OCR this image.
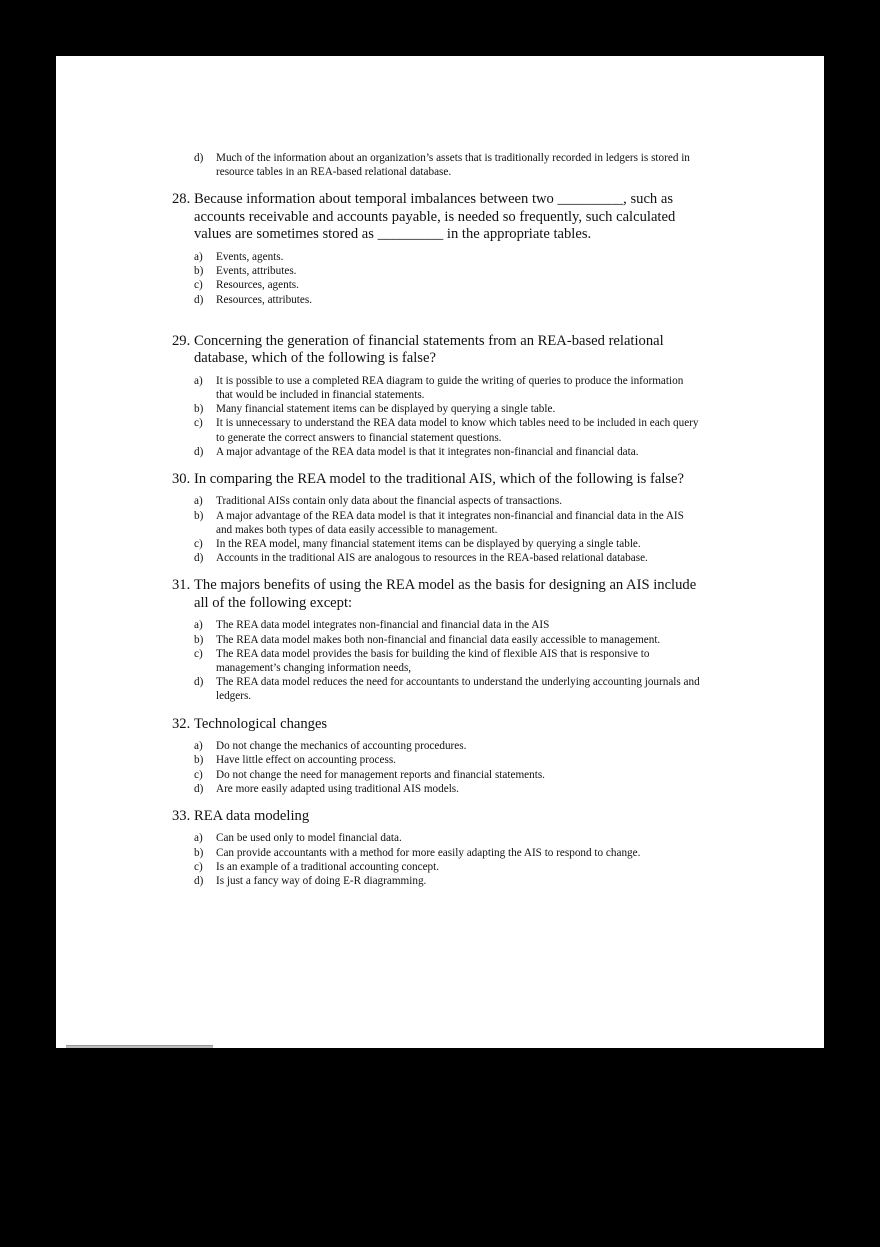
d)	Much of the information about an organization’s assets that is traditionally recorded in ledgers is stored in resource tables in an REA-based relational database.
28. Because information about temporal imbalances between two _________, such as accounts receivable and accounts payable, is needed so frequently, such calculated values are sometimes stored as _________ in the appropriate tables.
a)	Events, agents.
b)	Events, attributes.
c)	Resources, agents.
d)	Resources, attributes.
29. Concerning the generation of financial statements from an REA-based relational database, which of the following is false?
a)	It is possible to use a completed REA diagram to guide the writing of queries to produce the information that would be included in financial statements.
b)	Many financial statement items can be displayed by querying a single table.
c)	It is unnecessary to understand the REA data model to know which tables need to be included in each query to generate the correct answers to financial statement questions.
d)	A major advantage of the REA data model is that it integrates non-financial and financial data.
30. In comparing the REA model to the traditional AIS, which of the following is false?
a)	Traditional AISs contain only data about the financial aspects of transactions.
b)	A major advantage of the REA data model is that it integrates non-financial and financial data in the AIS and makes both types of data easily accessible to management.
c)	In the REA model, many financial statement items can be displayed by querying a single table.
d)	Accounts in the traditional AIS are analogous to resources in the REA-based relational database.
31. The majors benefits of using the REA model as the basis for designing an AIS include all of the following except:
a)	The REA data model integrates non-financial and financial data in the AIS
b)	The REA data model makes both non-financial and financial data easily accessible to management.
c)	The REA data model provides the basis for building the kind of flexible AIS that is responsive to management’s changing information needs,
d)	The REA data model reduces the need for accountants to understand the underlying accounting journals and ledgers.
32. Technological changes
a)	Do not change the mechanics of accounting procedures.
b)	Have little effect on accounting process.
c)	Do not change the need for management reports and financial statements.
d)	Are more easily adapted using traditional AIS models.
33. REA data modeling
a)	Can be used only to model financial data.
b)	Can provide accountants with a method for more easily adapting the AIS to respond to change.
c)	Is an example of a traditional accounting concept.
d)	Is just a fancy way of doing E-R diagramming.
